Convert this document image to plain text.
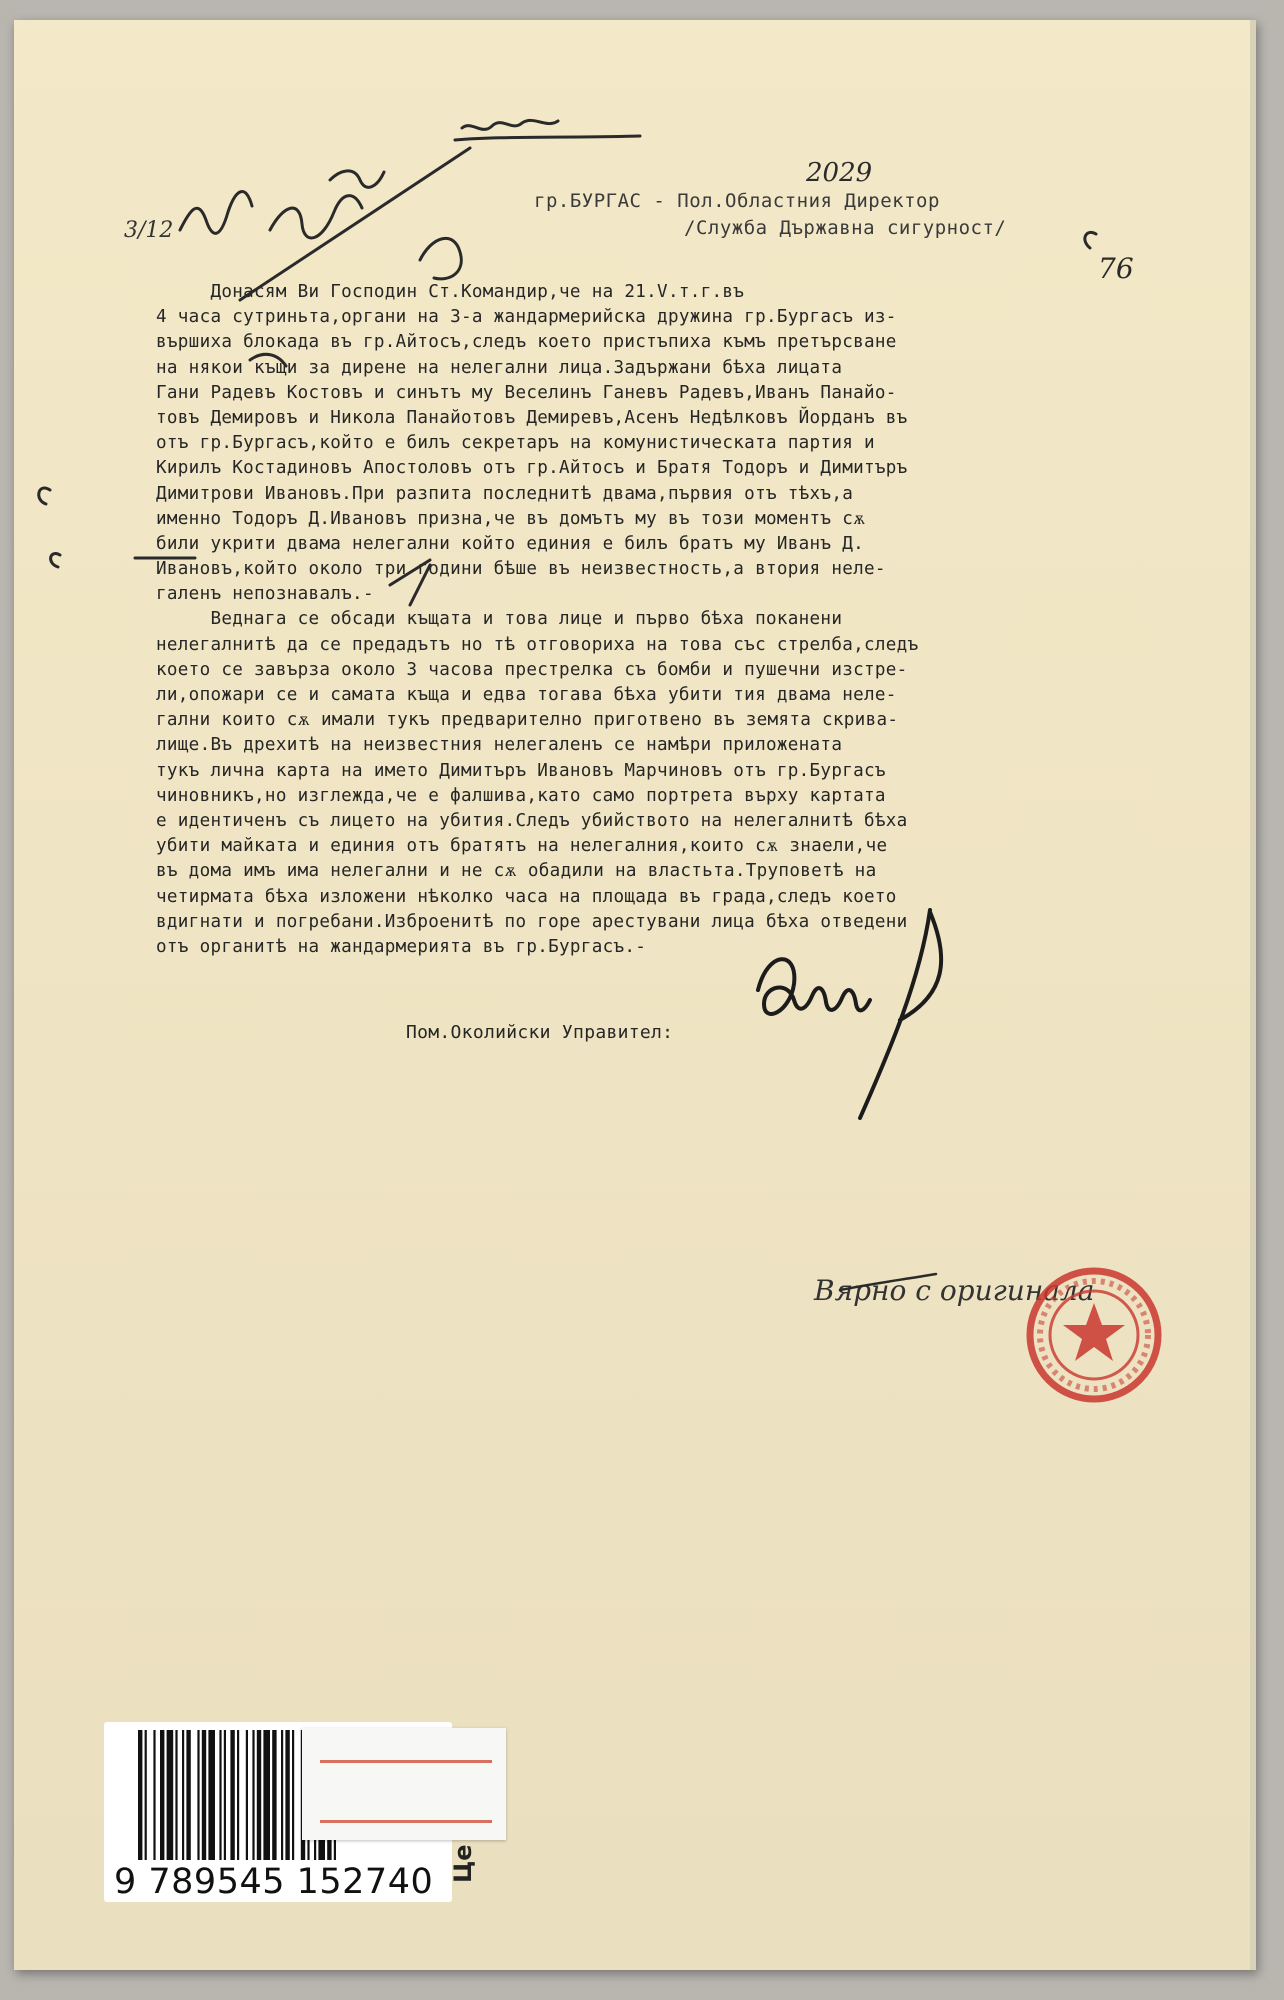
2029
3/12
76
гр.БУРГАС - Пол.Областния Директор
/Служба Държавна сигурност/
Донасям Ви Господин Ст.Командир,че на 21.V.т.г.въ
4 часа сутриньта,органи на 3-а жандармерийска дружина гр.Бургасъ из-
вършиха блокада въ гр.Айтосъ,следъ което пристъпиха къмъ претърсване
на някои къщи за дирене на нелегални лица.Задържани бѣха лицата
Гани Радевъ Костовъ и синътъ му Веселинъ Ганевъ Радевъ,Иванъ Панайо-
товъ Демировъ и Никола Панайотовъ Демиревъ,Асенъ Недѣлковъ Йорданъ въ
отъ гр.Бургасъ,който е билъ секретаръ на комунистическата партия и
Кирилъ Костадиновъ Апостоловъ отъ гр.Айтосъ и Братя Тодоръ и Димитъръ
Димитрови Ивановъ.При разпита последнитѣ двама,първия отъ тѣхъ,а
именно Тодоръ Д.Ивановъ призна,че въ домътъ му въ този моментъ сѫ
били укрити двама нелегални който единия е билъ братъ му Иванъ Д.
Ивановъ,който около три години бѣше въ неизвестность,а втория неле-
галенъ непознавалъ.-
Веднага се обсади къщата и това лице и първо бѣха поканени
нелегалнитѣ да се предадътъ но тѣ отговориха на това със стрелба,следъ
което се завърза около 3 часова престрелка съ бомби и пушечни изстре-
ли,опожари се и самата къща и едва тогава бѣха убити тия двама неле-
гални които сѫ имали тукъ предварително приготвено въ земята скрива-
лище.Въ дрехитѣ на неизвестния нелегаленъ се намѣри приложената
тукъ лична карта на името Димитъръ Ивановъ Марчиновъ отъ гр.Бургасъ
чиновникъ,но изглежда,че е фалшива,като само портрета върху картата
е идентиченъ съ лицето на убития.Следъ убийството на нелегалнитѣ бѣха
убити майката и единия отъ братятъ на нелегалния,които сѫ знаели,че
въ дома имъ има нелегални и не сѫ обадили на властьта.Труповетѣ на
четирмата бѣха изложени нѣколко часа на площада въ града,следъ което
вдигнати и погребани.Изброенитѣ по горе арестувани лица бѣха отведени
отъ органитѣ на жандармерията въ гр.Бургасъ.-
Пом.Околийски Управител:
Вярно с оригинала
9 789545 152740 Це
